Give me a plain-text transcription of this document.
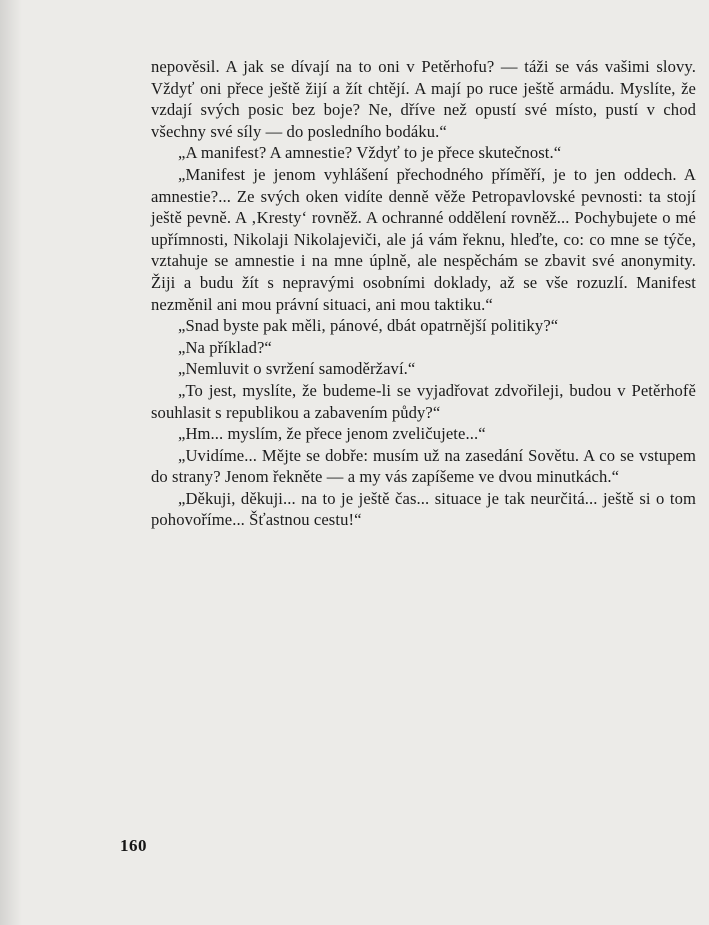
nepověsil. A jak se dívají na to oni v Petěrhofu? — táži se vás vašimi slovy. Vždyť oni přece ještě žijí a žít chtějí. A mají po ruce ještě armádu. Myslíte, že vzdají svých posic bez boje? Ne, dříve než opustí své místo, pustí v chod všechny své síly — do posledního bodáku.“

„A manifest? A amnestie? Vždyť to je přece skutečnost.“

„Manifest je jenom vyhlášení přechodného příměří, je to jen oddech. A amnestie?... Ze svých oken vidíte denně věže Petropavlovské pevnosti: ta stojí ještě pevně. A ‚Kresty‘ rovněž. A ochranné oddělení rovněž... Pochybujete o mé upřímnosti, Nikolaji Nikolajeviči, ale já vám řeknu, hleďte, co: co mne se týče, vztahuje se amnestie i na mne úplně, ale nespěchám se zbavit své anonymity. Žiji a budu žít s nepravými osobními doklady, až se vše rozuzlí. Manifest nezměnil ani mou právní situaci, ani mou taktiku.“

„Snad byste pak měli, pánové, dbát opatrnější politiky?“

„Na příklad?“

„Nemluvit o svržení samoděržaví.“

„To jest, myslíte, že budeme-li se vyjadřovat zdvořileji, budou v Petěrhofě souhlasit s republikou a zabavením půdy?“

„Hm... myslím, že přece jenom zveličujete...“

„Uvidíme... Mějte se dobře: musím už na zasedání Sovětu. A co se vstupem do strany? Jenom řekněte — a my vás zapíšeme ve dvou minutkách.“

„Děkuji, děkuji... na to je ještě čas... situace je tak neurčitá... ještě si o tom pohovoříme... Šťastnou cestu!“

160
